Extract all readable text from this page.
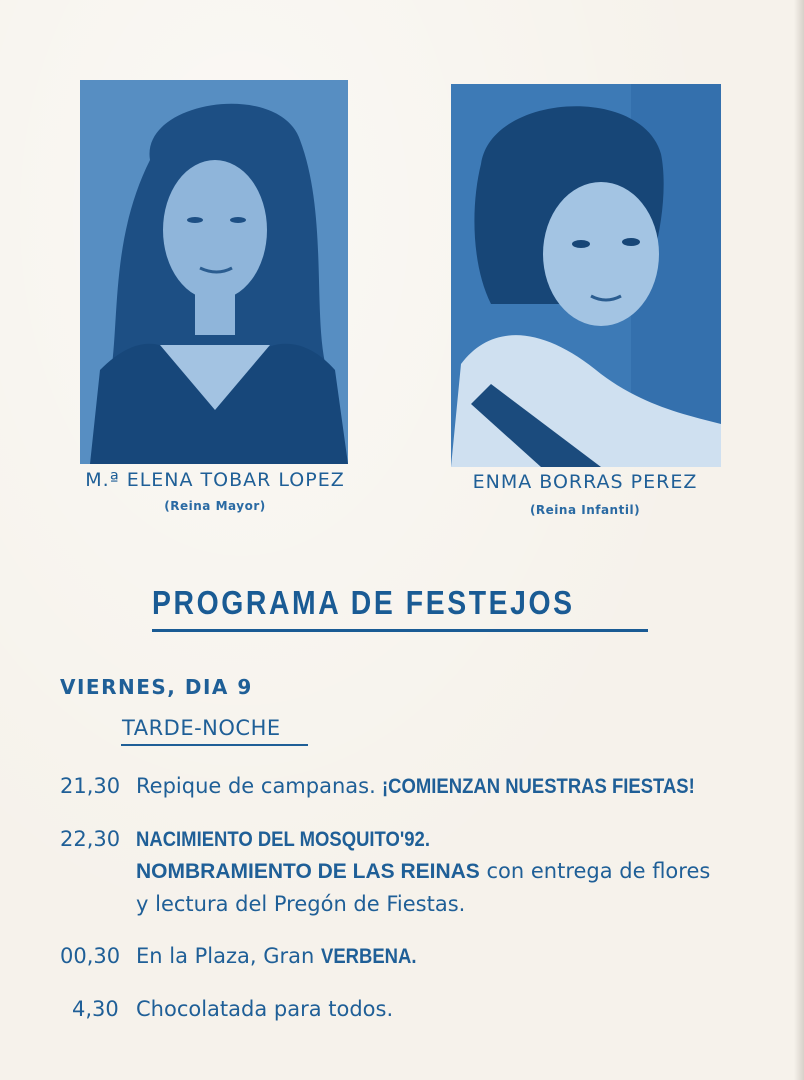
M.ª ELENA TOBAR LOPEZ
(Reina Mayor)
ENMA BORRAS PEREZ
(Reina Infantil)
PROGRAMA DE FESTEJOS
VIERNES, DIA 9
TARDE-NOCHE
21,30 Repique de campanas. ¡COMIENZAN NUESTRAS FIESTAS!
22,30 NACIMIENTO DEL MOSQUITO'92.
NOMBRAMIENTO DE LAS REINAS con entrega de flores
y lectura del Pregón de Fiestas.
00,30 En la Plaza, Gran VERBENA.
4,30 Chocolatada para todos.
